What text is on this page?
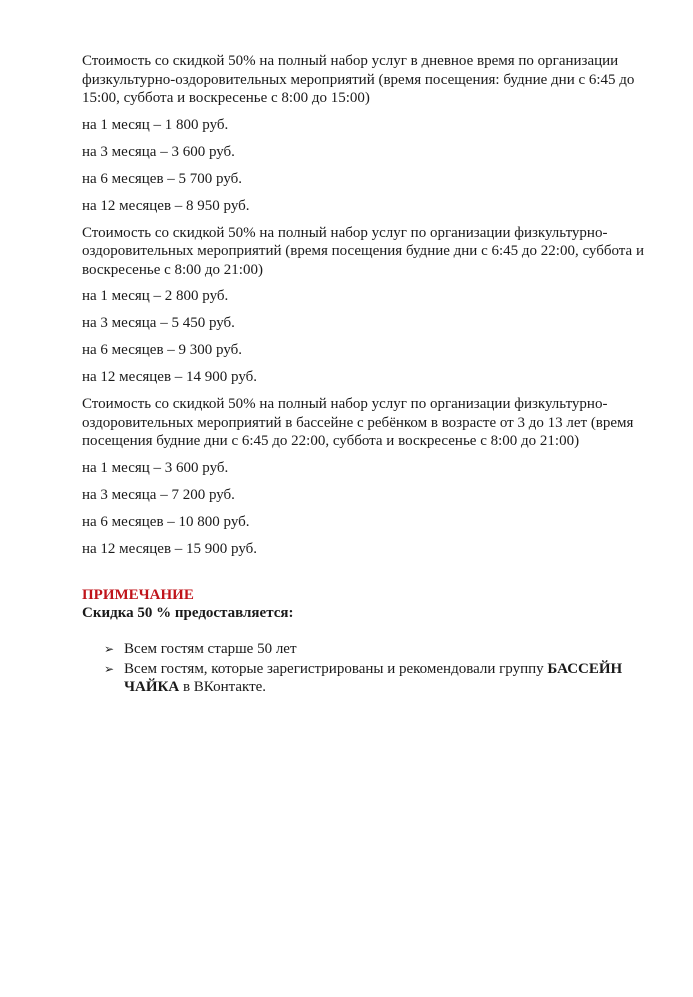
Стоимость со скидкой 50% на полный набор услуг в дневное время по организации физкультурно-оздоровительных мероприятий (время посещения: будние дни с 6:45 до 15:00, суббота и воскресенье с 8:00 до 15:00)

на 1 месяц – 1 800 руб.

на 3 месяца – 3 600 руб.

на 6 месяцев – 5 700 руб.

на 12 месяцев – 8 950 руб.

Стоимость со скидкой 50% на полный набор услуг по организации физкультурно-оздоровительных мероприятий (время посещения будние дни с 6:45 до 22:00, суббота и воскресенье с 8:00 до 21:00)

на 1 месяц – 2 800 руб.

на 3 месяца – 5 450 руб.

на 6 месяцев – 9 300 руб.

на 12 месяцев – 14 900 руб.

Стоимость со скидкой 50% на полный набор услуг по организации физкультурно-оздоровительных мероприятий в бассейне с ребёнком в возрасте от 3 до 13 лет (время посещения будние дни с 6:45 до 22:00, суббота и воскресенье с 8:00 до 21:00)

на 1 месяц – 3 600 руб.

на 3 месяца – 7 200 руб.

на 6 месяцев – 10 800 руб.

на 12 месяцев – 15 900 руб.

ПРИМЕЧАНИЕ

Скидка 50 % предоставляется:

➢ Всем гостям старше 50 лет
➢ Всем гостям, которые зарегистрированы и рекомендовали группу БАССЕЙН ЧАЙКА в ВКонтакте.
